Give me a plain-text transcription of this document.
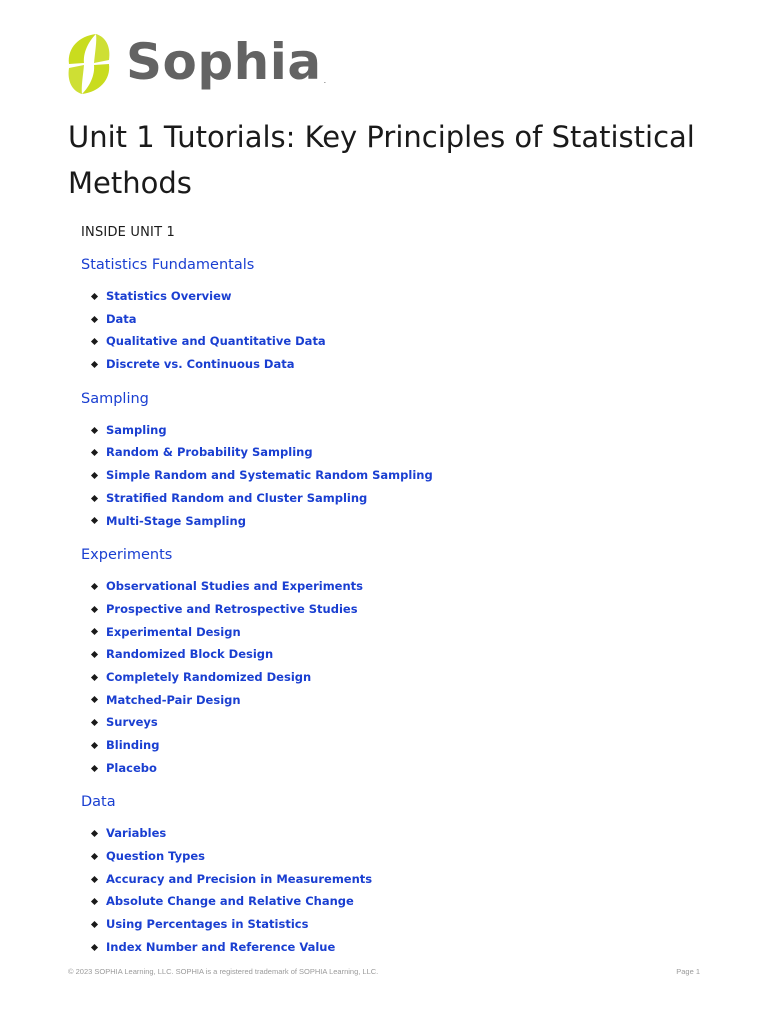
Sophia .
Unit 1 Tutorials: Key Principles of Statistical Methods
INSIDE UNIT 1
Statistics Fundamentals
Statistics Overview
Data
Qualitative and Quantitative Data
Discrete vs. Continuous Data
Sampling
Sampling
Random & Probability Sampling
Simple Random and Systematic Random Sampling
Stratified Random and Cluster Sampling
Multi-Stage Sampling
Experiments
Observational Studies and Experiments
Prospective and Retrospective Studies
Experimental Design
Randomized Block Design
Completely Randomized Design
Matched-Pair Design
Surveys
Blinding
Placebo
Data
Variables
Question Types
Accuracy and Precision in Measurements
Absolute Change and Relative Change
Using Percentages in Statistics
Index Number and Reference Value
© 2023 SOPHIA Learning, LLC. SOPHIA is a registered trademark of SOPHIA Learning, LLC.	Page 1
